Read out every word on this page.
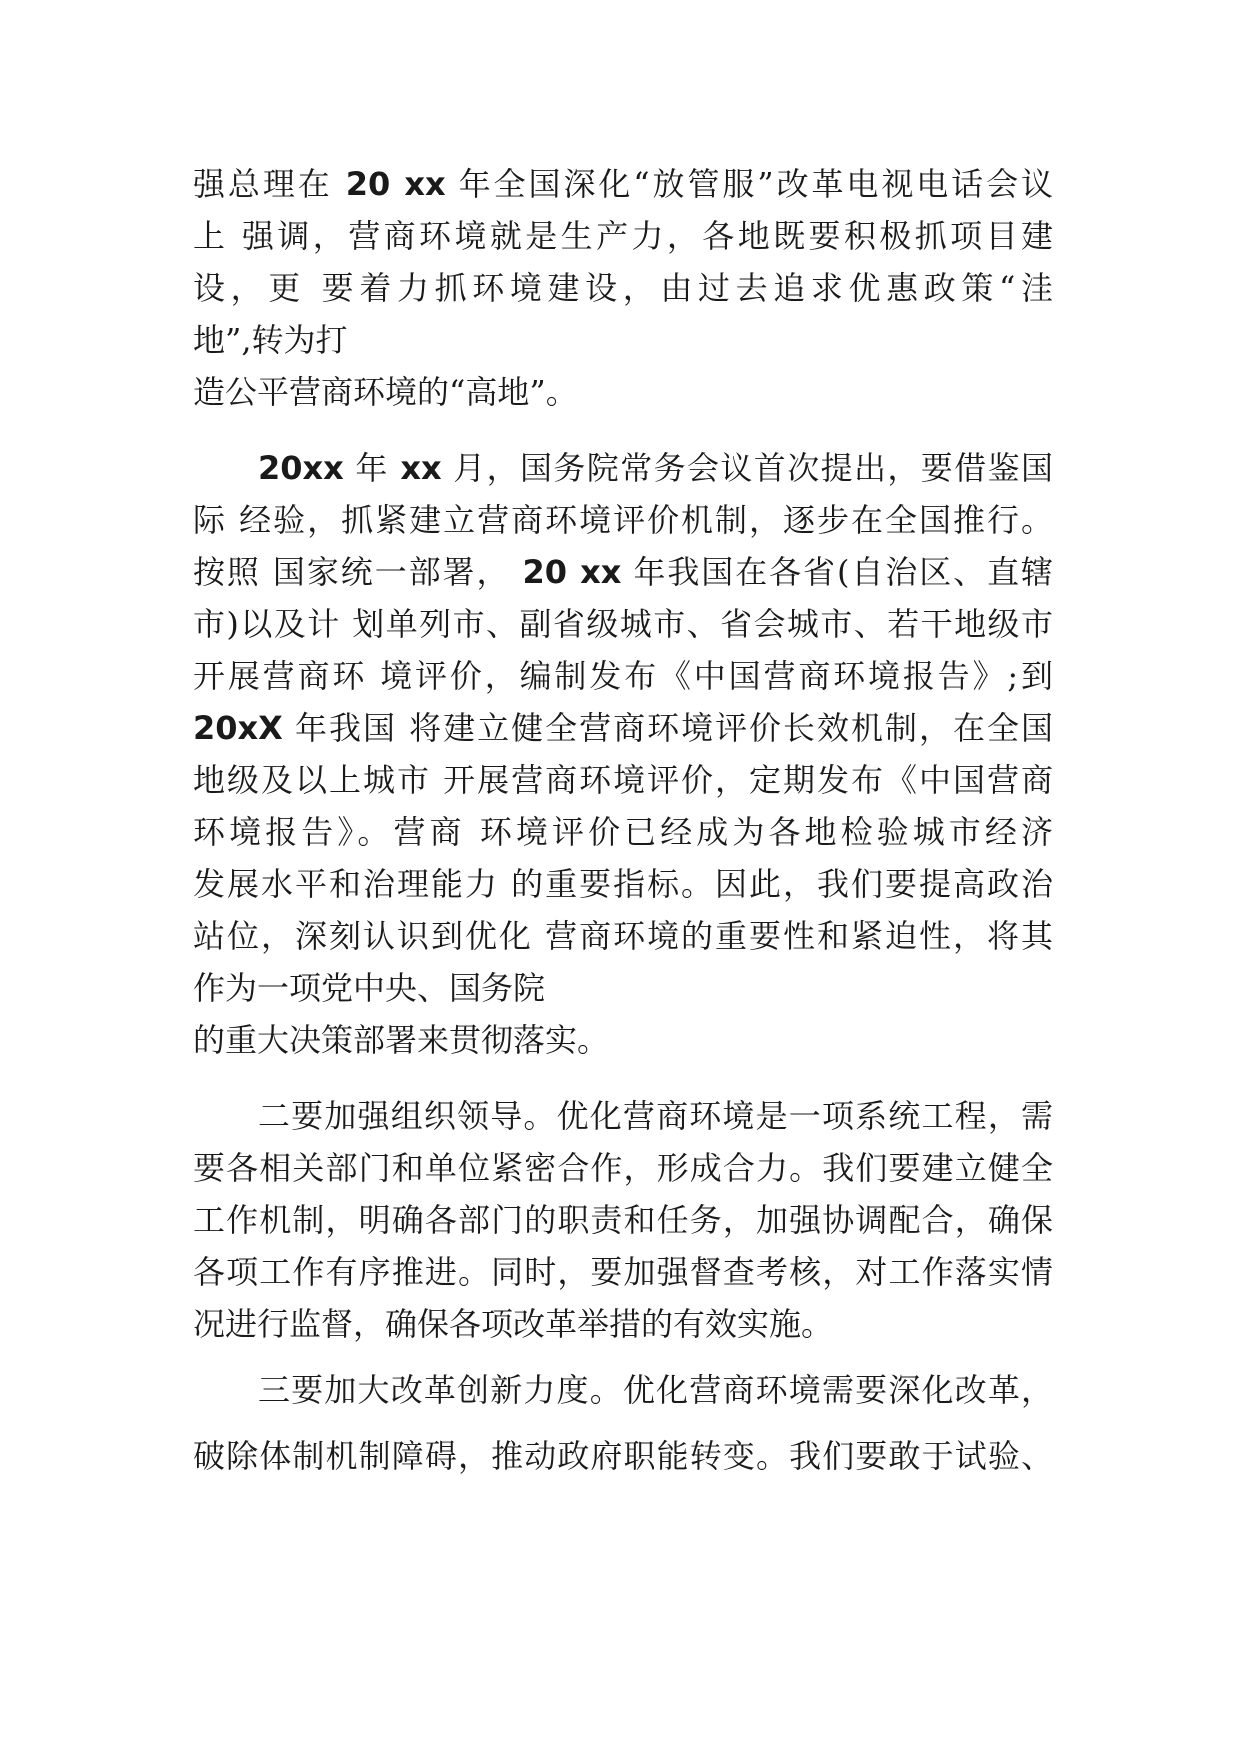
强总理在 20 xx 年全国深化“放管服”改革电视电话会议

上 强调，营商环境就是生产力，各地既要积极抓项目建

设，更 要着力抓环境建设，由过去追求优惠政策“洼

地”,转为打

造公平营商环境的“高地”。

20xx 年 xx 月，国务院常务会议首次提出，要借鉴国

际 经验，抓紧建立营商环境评价机制，逐步在全国推行。

按照 国家统一部署， 20 xx 年我国在各省(自治区、直辖

市)以及计 划单列市、副省级城市、省会城市、若干地级市

开展营商环 境评价，编制发布《中国营商环境报告》;到

20xX 年我国 将建立健全营商环境评价长效机制，在全国

地级及以上城市 开展营商环境评价，定期发布《中国营商

环境报告》。营商 环境评价已经成为各地检验城市经济

发展水平和治理能力 的重要指标。因此，我们要提高政治

站位，深刻认识到优化 营商环境的重要性和紧迫性，将其

作为一项党中央、国务院

的重大决策部署来贯彻落实。

二要加强组织领导。优化营商环境是一项系统工程，需

要各相关部门和单位紧密合作，形成合力。我们要建立健全

工作机制，明确各部门的职责和任务，加强协调配合，确保

各项工作有序推进。同时，要加强督查考核，对工作落实情

况进行监督，确保各项改革举措的有效实施。

三要加大改革创新力度。优化营商环境需要深化改革，

破除体制机制障碍，推动政府职能转变。我们要敢于试验、
